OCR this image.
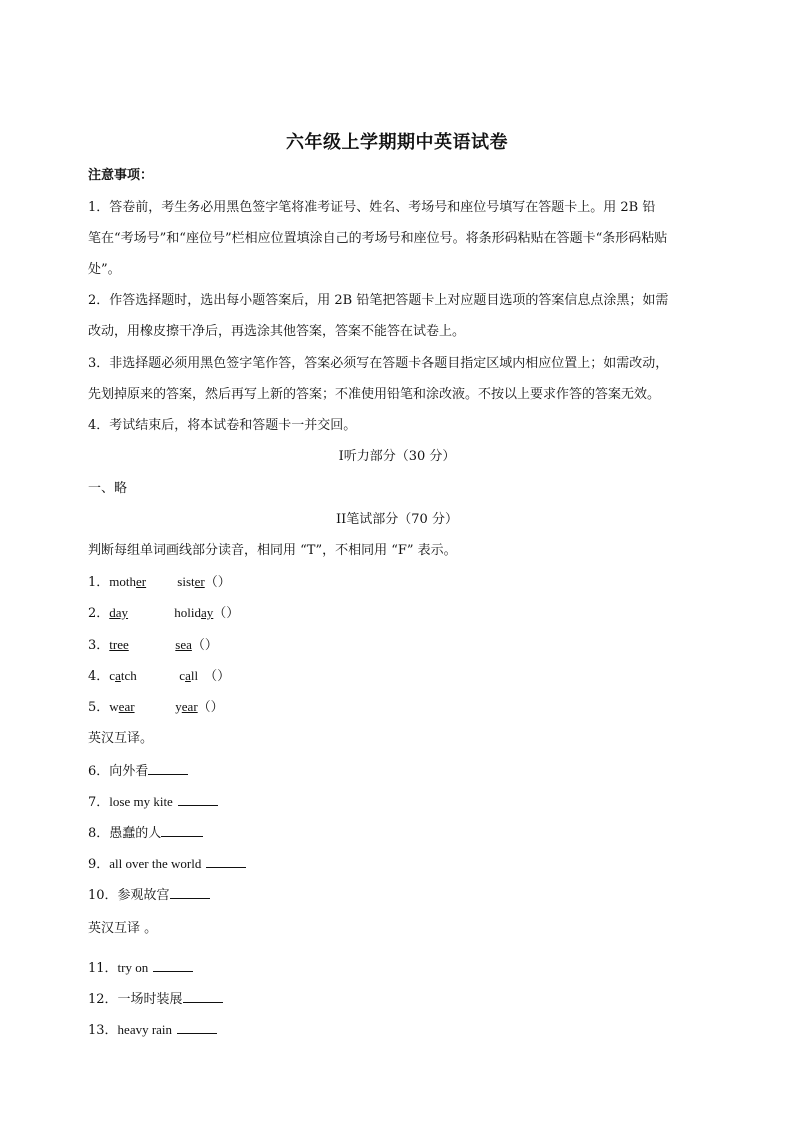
六年级上学期期中英语试卷
注意事项：
1．答卷前，考生务必用黑色签字笔将准考证号、姓名、考场号和座位号填写在答题卡上。用 2B 铅
笔在“考场号”和“座位号”栏相应位置填涂自己的考场号和座位号。将条形码粘贴在答题卡“条形码粘贴
处”。
2．作答选择题时，选出每小题答案后，用 2B 铅笔把答题卡上对应题目选项的答案信息点涂黑；如需
改动，用橡皮擦干净后，再选涂其他答案，答案不能答在试卷上。
3．非选择题必须用黑色签字笔作答，答案必须写在答题卡各题目指定区域内相应位置上；如需改动，
先划掉原来的答案，然后再写上新的答案；不准使用铅笔和涂改液。不按以上要求作答的答案无效。
4．考试结束后，将本试卷和答题卡一并交回。
I听力部分（30 分）
一、略
II笔试部分（70 分）
判断每组单词画线部分读音，相同用 “T”，不相同用 “F” 表示。
1．mother sister（）
2．day	holiday（）
3．tree	sea（）
4．catch	call （）
5．wear	year（）
英汉互译。
6．向外看
7．lose my kite
8．愚蠢的人
9．all over the world
10．参观故宫
英汉互译 。
11．try on
12．一场时装展
13．heavy rain
